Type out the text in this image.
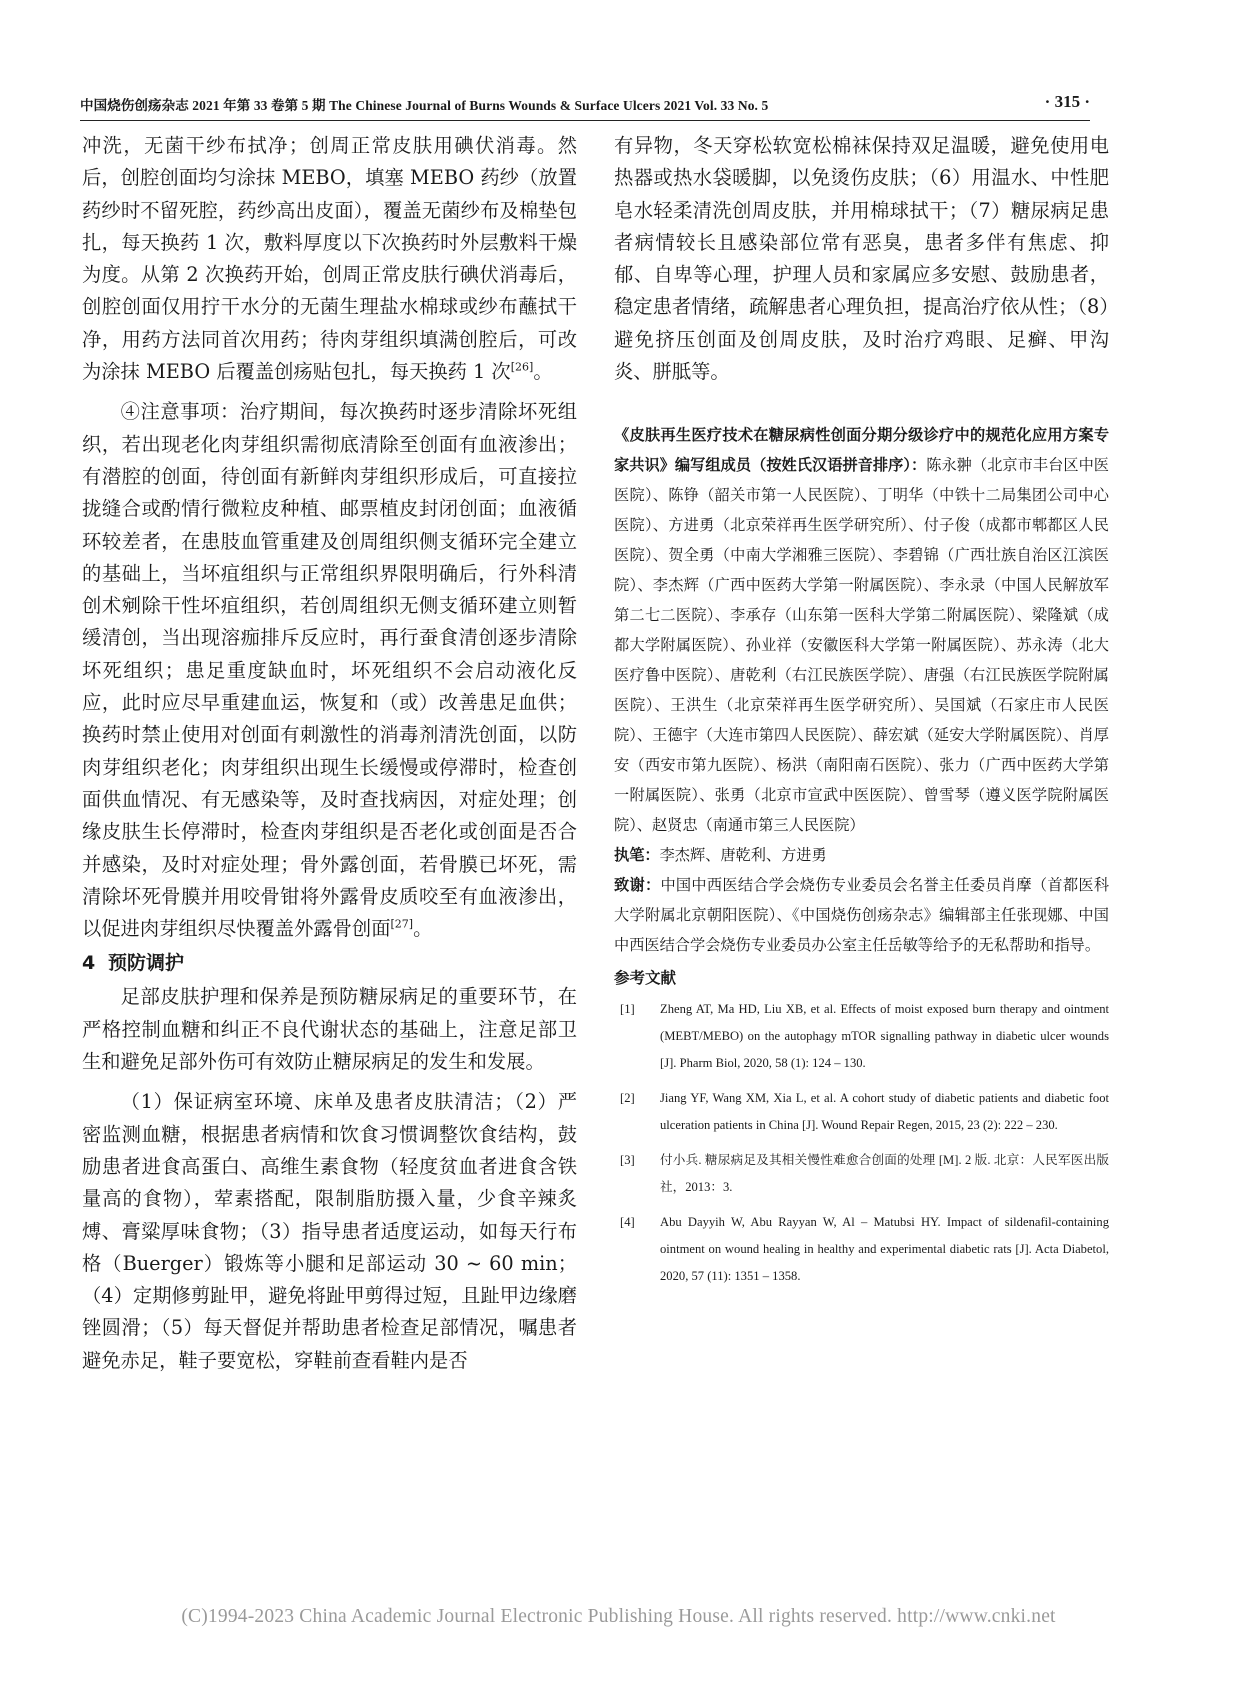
中国烧伤创疡杂志 2021 年第 33 卷第 5 期 The Chinese Journal of Burns Wounds & Surface Ulcers 2021 Vol. 33 No. 5	· 315 ·

冲洗，无菌干纱布拭净；创周正常皮肤用碘伏消毒。然后，创腔创面均匀涂抹 MEBO，填塞 MEBO 药纱（放置药纱时不留死腔，药纱高出皮面），覆盖无菌纱布及棉垫包扎，每天换药 1 次，敷料厚度以下次换药时外层敷料干燥为度。从第 2 次换药开始，创周正常皮肤行碘伏消毒后，创腔创面仅用拧干水分的无菌生理盐水棉球或纱布蘸拭干净，用药方法同首次用药；待肉芽组织填满创腔后，可改为涂抹 MEBO 后覆盖创疡贴包扎，每天换药 1 次[26]。

④注意事项：治疗期间，每次换药时逐步清除坏死组织，若出现老化肉芽组织需彻底清除至创面有血液渗出；有潜腔的创面，待创面有新鲜肉芽组织形成后，可直接拉拢缝合或酌情行微粒皮种植、邮票植皮封闭创面；血液循环较差者，在患肢血管重建及创周组织侧支循环完全建立的基础上，当坏疽组织与正常组织界限明确后，行外科清创术剜除干性坏疽组织，若创周组织无侧支循环建立则暂缓清创，当出现溶痂排斥反应时，再行蚕食清创逐步清除坏死组织；患足重度缺血时，坏死组织不会启动液化反应，此时应尽早重建血运，恢复和（或）改善患足血供；换药时禁止使用对创面有刺激性的消毒剂清洗创面，以防肉芽组织老化；肉芽组织出现生长缓慢或停滞时，检查创面供血情况、有无感染等，及时查找病因，对症处理；创缘皮肤生长停滞时，检查肉芽组织是否老化或创面是否合并感染，及时对症处理；骨外露创面，若骨膜已坏死，需清除坏死骨膜并用咬骨钳将外露骨皮质咬至有血液渗出，以促进肉芽组织尽快覆盖外露骨创面[27]。

4 预防调护

足部皮肤护理和保养是预防糖尿病足的重要环节，在严格控制血糖和纠正不良代谢状态的基础上，注意足部卫生和避免足部外伤可有效防止糖尿病足的发生和发展。

（1）保证病室环境、床单及患者皮肤清洁；（2）严密监测血糖，根据患者病情和饮食习惯调整饮食结构，鼓励患者进食高蛋白、高维生素食物（轻度贫血者进食含铁量高的食物），荤素搭配，限制脂肪摄入量，少食辛辣炙煿、膏粱厚味食物；（3）指导患者适度运动，如每天行布格（Buerger）锻炼等小腿和足部运动 30 ~ 60 min；（4）定期修剪趾甲，避免将趾甲剪得过短，且趾甲边缘磨锉圆滑；（5）每天督促并帮助患者检查足部情况，嘱患者避免赤足，鞋子要宽松，穿鞋前查看鞋内是否

有异物，冬天穿松软宽松棉袜保持双足温暖，避免使用电热器或热水袋暖脚，以免烫伤皮肤；（6）用温水、中性肥皂水轻柔清洗创周皮肤，并用棉球拭干；（7）糖尿病足患者病情较长且感染部位常有恶臭，患者多伴有焦虑、抑郁、自卑等心理，护理人员和家属应多安慰、鼓励患者，稳定患者情绪，疏解患者心理负担，提高治疗依从性；（8）避免挤压创面及创周皮肤，及时治疗鸡眼、足癣、甲沟炎、胼胝等。

《皮肤再生医疗技术在糖尿病性创面分期分级诊疗中的规范化应用方案专家共识》编写组成员（按姓氏汉语拼音排序）：陈永翀（北京市丰台区中医医院）、陈铮（韶关市第一人民医院）、丁明华（中铁十二局集团公司中心医院）、方进勇（北京荣祥再生医学研究所）、付子俊（成都市郫都区人民医院）、贺全勇（中南大学湘雅三医院）、李碧锦（广西壮族自治区江滨医院）、李杰辉（广西中医药大学第一附属医院）、李永录（中国人民解放军第二七二医院）、李承存（山东第一医科大学第二附属医院）、梁隆斌（成都大学附属医院）、孙业祥（安徽医科大学第一附属医院）、苏永涛（北大医疗鲁中医院）、唐乾利（右江民族医学院）、唐强（右江民族医学院附属医院）、王洪生（北京荣祥再生医学研究所）、吴国斌（石家庄市人民医院）、王德宇（大连市第四人民医院）、薛宏斌（延安大学附属医院）、肖厚安（西安市第九医院）、杨洪（南阳南石医院）、张力（广西中医药大学第一附属医院）、张勇（北京市宣武中医医院）、曾雪琴（遵义医学院附属医院）、赵贤忠（南通市第三人民医院）

执笔：李杰辉、唐乾利、方进勇

致谢：中国中西医结合学会烧伤专业委员会名誉主任委员肖摩（首都医科大学附属北京朝阳医院）、《中国烧伤创疡杂志》编辑部主任张现娜、中国中西医结合学会烧伤专业委员办公室主任岳敏等给予的无私帮助和指导。

参考文献

[1] Zheng AT, Ma HD, Liu XB, et al. Effects of moist exposed burn therapy and ointment (MEBT/MEBO) on the autophagy mTOR signalling pathway in diabetic ulcer wounds [J]. Pharm Biol, 2020, 58 (1): 124 – 130.

[2] Jiang YF, Wang XM, Xia L, et al. A cohort study of diabetic patients and diabetic foot ulceration patients in China [J]. Wound Repair Regen, 2015, 23 (2): 222 – 230.

[3] 付小兵. 糖尿病足及其相关慢性难愈合创面的处理 [M]. 2 版. 北京：人民军医出版社，2013：3.

[4] Abu Dayyih W, Abu Rayyan W, Al – Matubsi HY. Impact of sildenafil-containing ointment on wound healing in healthy and experimental diabetic rats [J]. Acta Diabetol, 2020, 57 (11): 1351 – 1358.

(C)1994-2023 China Academic Journal Electronic Publishing House. All rights reserved. http://www.cnki.net
